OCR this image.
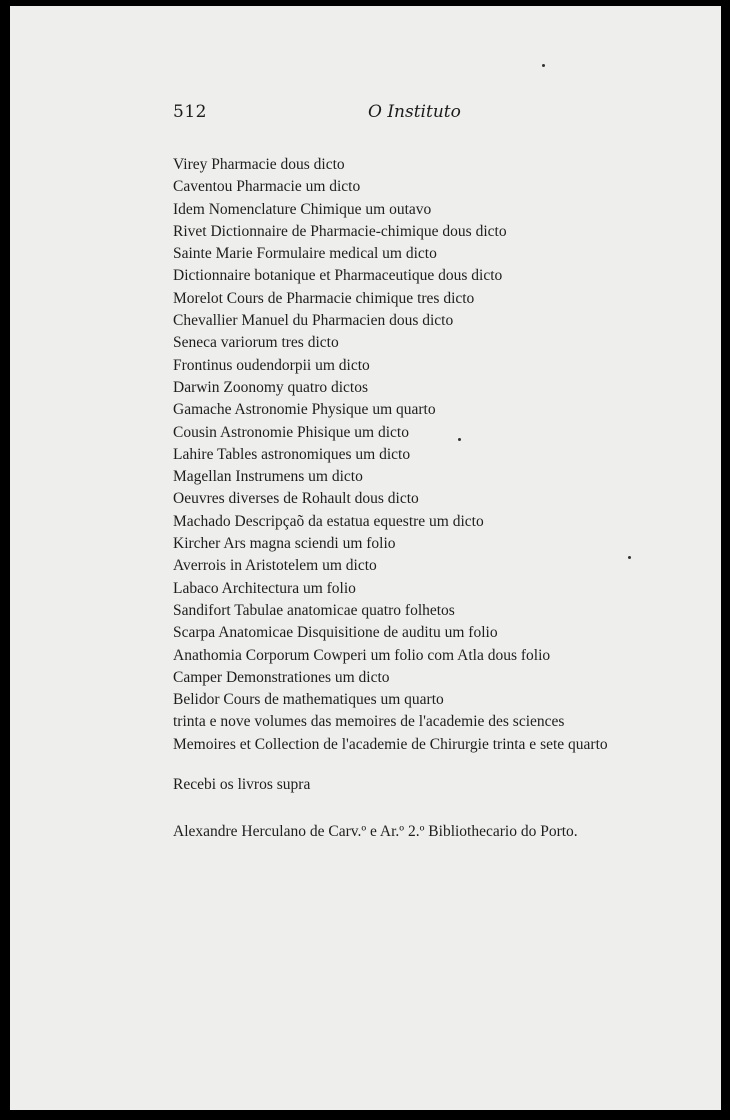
512	O Instituto
Virey Pharmacie dous dicto
Caventou Pharmacie um dicto
Idem Nomenclature Chimique um outavo
Rivet Dictionnaire de Pharmacie-chimique dous dicto
Sainte Marie Formulaire medical um dicto
Dictionnaire botanique et Pharmaceutique dous dicto
Morelot Cours de Pharmacie chimique tres dicto
Chevallier Manuel du Pharmacien dous dicto
Seneca variorum tres dicto
Frontinus oudendorpii um dicto
Darwin Zoonomy quatro dictos
Gamache Astronomie Physique um quarto
Cousin Astronomie Phisique um dicto
Lahire Tables astronomiques um dicto
Magellan Instrumens um dicto
Oeuvres diverses de Rohault dous dicto
Machado Descripçaõ da estatua equestre um dicto
Kircher Ars magna sciendi um folio
Averrois in Aristotelem um dicto
Labaco Architectura um folio
Sandifort Tabulae anatomicae quatro folhetos
Scarpa Anatomicae Disquisitione de auditu um folio
Anathomia Corporum Cowperi um folio com Atla dous folio
Camper Demonstrationes um dicto
Belidor Cours de mathematiques um quarto
trinta e nove volumes das memoires de l'academie des sciences
Memoires et Collection de l'academie de Chirurgie trinta e sete quarto
Recebi os livros supra
Alexandre Herculano de Carv.º e Ar.º 2.º Bibliothecario do Porto.
